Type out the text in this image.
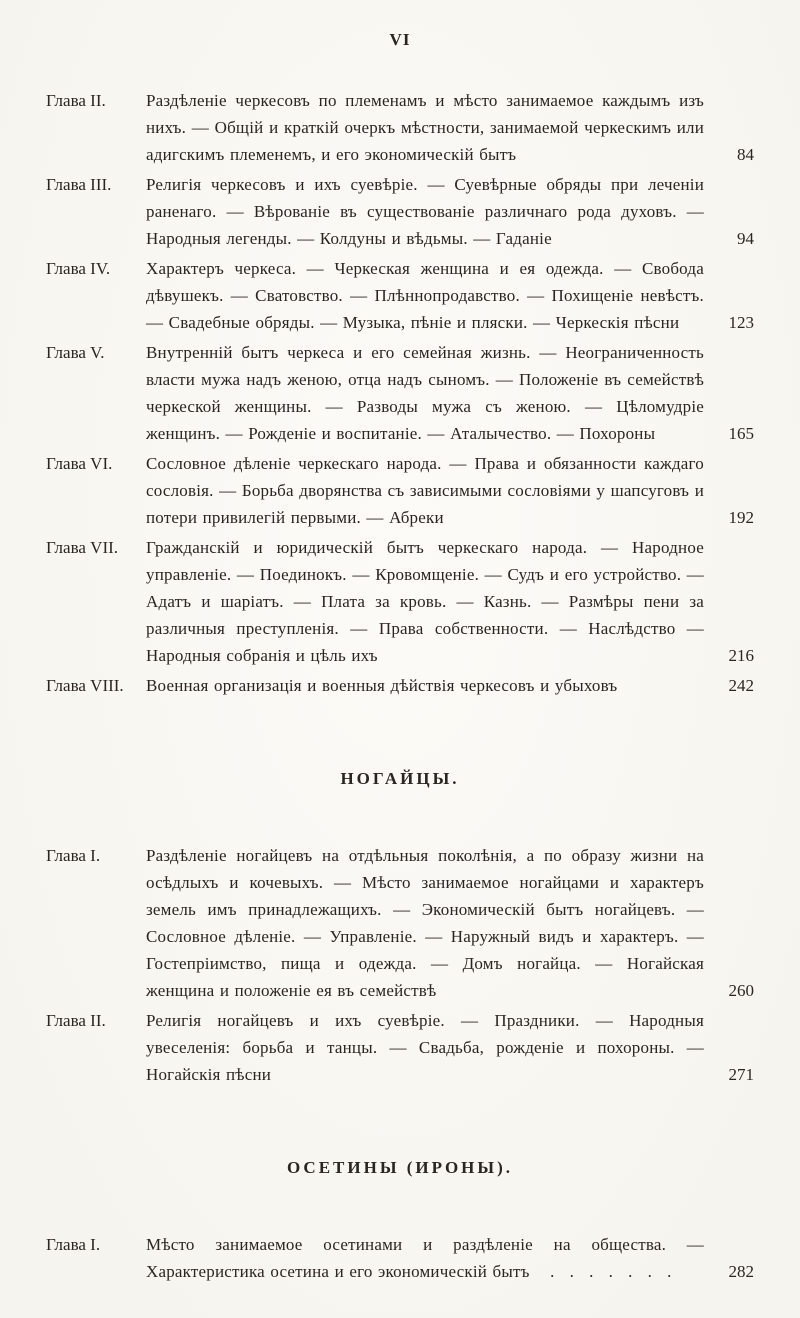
VI
Глава II.	Раздѣленіе черкесовъ по племенамъ и мѣсто занимаемое каждымъ изъ нихъ. — Общій и краткій очеркъ мѣстности, занимаемой черкескимъ или адигскимъ племенемъ, и его экономическій бытъ	84
Глава III.	Религія черкесовъ и ихъ суевѣріе. — Суевѣрные обряды при леченіи раненаго. — Вѣрованіе въ существованіе различнаго рода духовъ. — Народныя легенды. — Колдуны и вѣдьмы. — Гаданіе	94
Глава IV.	Характеръ черкеса. — Черкеская женщина и ея одежда. — Свобода дѣвушекъ. — Сватовство. — Плѣннопродавство. — Похищеніе невѣстъ. — Свадебные обряды. — Музыка, пѣніе и пляски. — Черкескія пѣсни	123
Глава V.	Внутренній бытъ черкеса и его семейная жизнь. — Неограниченность власти мужа надъ женою, отца надъ сыномъ. — Положеніе въ семействѣ черкеской женщины. — Разводы мужа съ женою. — Цѣломудріе женщинъ. — Рожденіе и воспитаніе. — Аталычество. — Похороны	165
Глава VI.	Сословное дѣленіе черкескаго народа. — Права и обязанности каждаго сословія. — Борьба дворянства съ зависимыми сословіями у шапсуговъ и потери привилегій первыми. — Абреки	192
Глава VII.	Гражданскій и юридическій бытъ черкескаго народа. — Народное управленіе. — Поединокъ. — Кровомщеніе. — Судъ и его устройство. — Адатъ и шаріатъ. — Плата за кровь. — Казнь. — Размѣры пени за различныя преступленія. — Права собственности. — Наслѣдство — Народныя собранія и цѣль ихъ	216
Глава VIII.	Военная организація и военныя дѣйствія черкесовъ и убыховъ	242
НОГАЙЦЫ.
Глава I.	Раздѣленіе ногайцевъ на отдѣльныя поколѣнія, а по образу жизни на осѣдлыхъ и кочевыхъ. — Мѣсто занимаемое ногайцами и характеръ земель имъ принадлежащихъ. — Экономическій бытъ ногайцевъ. — Сословное дѣленіе. — Управленіе. — Наружный видъ и характеръ. — Гостепріимство, пища и одежда. — Домъ ногайца. — Ногайская женщина и положеніе ея въ семействѣ	260
Глава II.	Религія ногайцевъ и ихъ суевѣріе. — Праздники. — Народныя увеселенія: борьба и танцы. — Свадьба, рожденіе и похороны. — Ногайскія пѣсни	271
ОСЕТИНЫ (ИРОНЫ).
Глава I.	Мѣсто занимаемое осетинами и раздѣленіе на общества. — Характеристика осетина и его экономическій бытъ  . . . . . . .	282
